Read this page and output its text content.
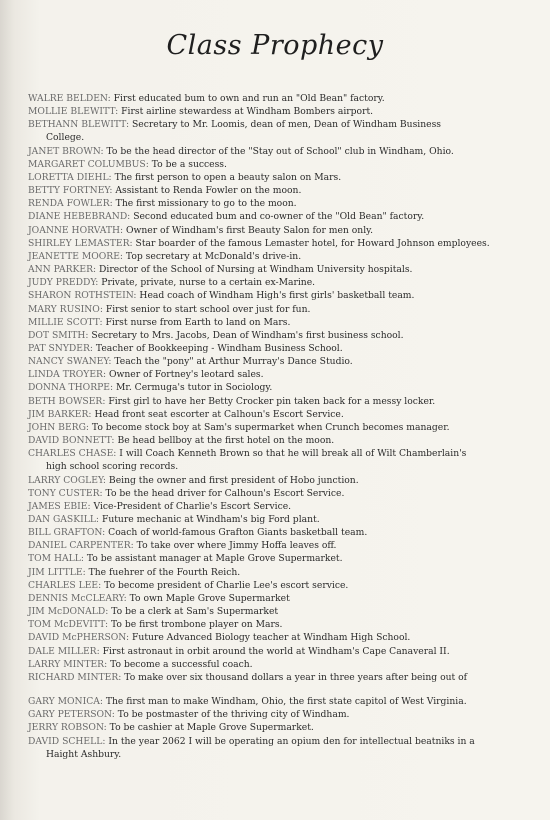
Class Prophecy
WALRE BELDEN: First educated bum to own and run an "Old Bean" factory.
MOLLIE BLEWITT: First airline stewardess at Windham Bombers airport.
BETHANN BLEWITT: Secretary to Mr. Loomis, dean of men, Dean of Windham Business
College.
JANET BROWN: To be the head director of the "Stay out of School" club in Windham, Ohio.
MARGARET COLUMBUS: To be a success.
LORETTA DIEHL: The first person to open a beauty salon on Mars.
BETTY FORTNEY: Assistant to Renda Fowler on the moon.
RENDA FOWLER: The first missionary to go to the moon.
DIANE HEBEBRAND: Second educated bum and co-owner of the "Old Bean" factory.
JOANNE HORVATH: Owner of Windham's first Beauty Salon for men only.
SHIRLEY LEMASTER: Star boarder of the famous Lemaster hotel, for Howard Johnson employees.
JEANETTE MOORE: Top secretary at McDonald's drive-in.
ANN PARKER: Director of the School of Nursing at Windham University hospitals.
JUDY PREDDY: Private, private, nurse to a certain ex-Marine.
SHARON ROTHSTEIN: Head coach of Windham High's first girls' basketball team.
MARY RUSINO: First senior to start school over just for fun.
MILLIE SCOTT: First nurse from Earth to land on Mars.
DOT SMITH: Secretary to Mrs. Jacobs, Dean of Windham's first business school.
PAT SNYDER: Teacher of Bookkeeping - Windham Business School.
NANCY SWANEY: Teach the "pony" at Arthur Murray's Dance Studio.
LINDA TROYER: Owner of Fortney's leotard sales.
DONNA THORPE: Mr. Cermuga's tutor in Sociology.
BETH BOWSER: First girl to have her Betty Crocker pin taken back for a messy locker.
JIM BARKER: Head front seat escorter at Calhoun's Escort Service.
JOHN BERG: To become stock boy at Sam's supermarket when Crunch becomes manager.
DAVID BONNETT: Be head bellboy at the first hotel on the moon.
CHARLES CHASE: I will Coach Kenneth Brown so that he will break all of Wilt Chamberlain's
high school scoring records.
LARRY COGLEY: Being the owner and first president of Hobo junction.
TONY CUSTER: To be the head driver for Calhoun's Escort Service.
JAMES EBIE: Vice-President of Charlie's Escort Service.
DAN GASKILL: Future mechanic at Windham's big Ford plant.
BILL GRAFTON: Coach of world-famous Grafton Giants basketball team.
DANIEL CARPENTER: To take over where Jimmy Hoffa leaves off.
TOM HALL: To be assistant manager at Maple Grove Supermarket.
JIM LITTLE: The fuehrer of the Fourth Reich.
CHARLES LEE: To become president of Charlie Lee's escort service.
DENNIS McCLEARY: To own Maple Grove Supermarket
JIM McDONALD: To be a clerk at Sam's Supermarket
TOM McDEVITT: To be first trombone player on Mars.
DAVID McPHERSON: Future Advanced Biology teacher at Windham High School.
DALE MILLER: First astronaut in orbit around the world at Windham's Cape Canaveral II.
LARRY MINTER: To become a successful coach.
RICHARD MINTER: To make over six thousand dollars a year in three years after being out of
GARY MONICA: The first man to make Windham, Ohio, the first state capitol of West Virginia.
GARY PETERSON: To be postmaster of the thriving city of Windham.
JERRY ROBSON: To be cashier at Maple Grove Supermarket.
DAVID SCHELL: In the year 2062 I will be operating an opium den for intellectual beatniks in a
Haight Ashbury.
